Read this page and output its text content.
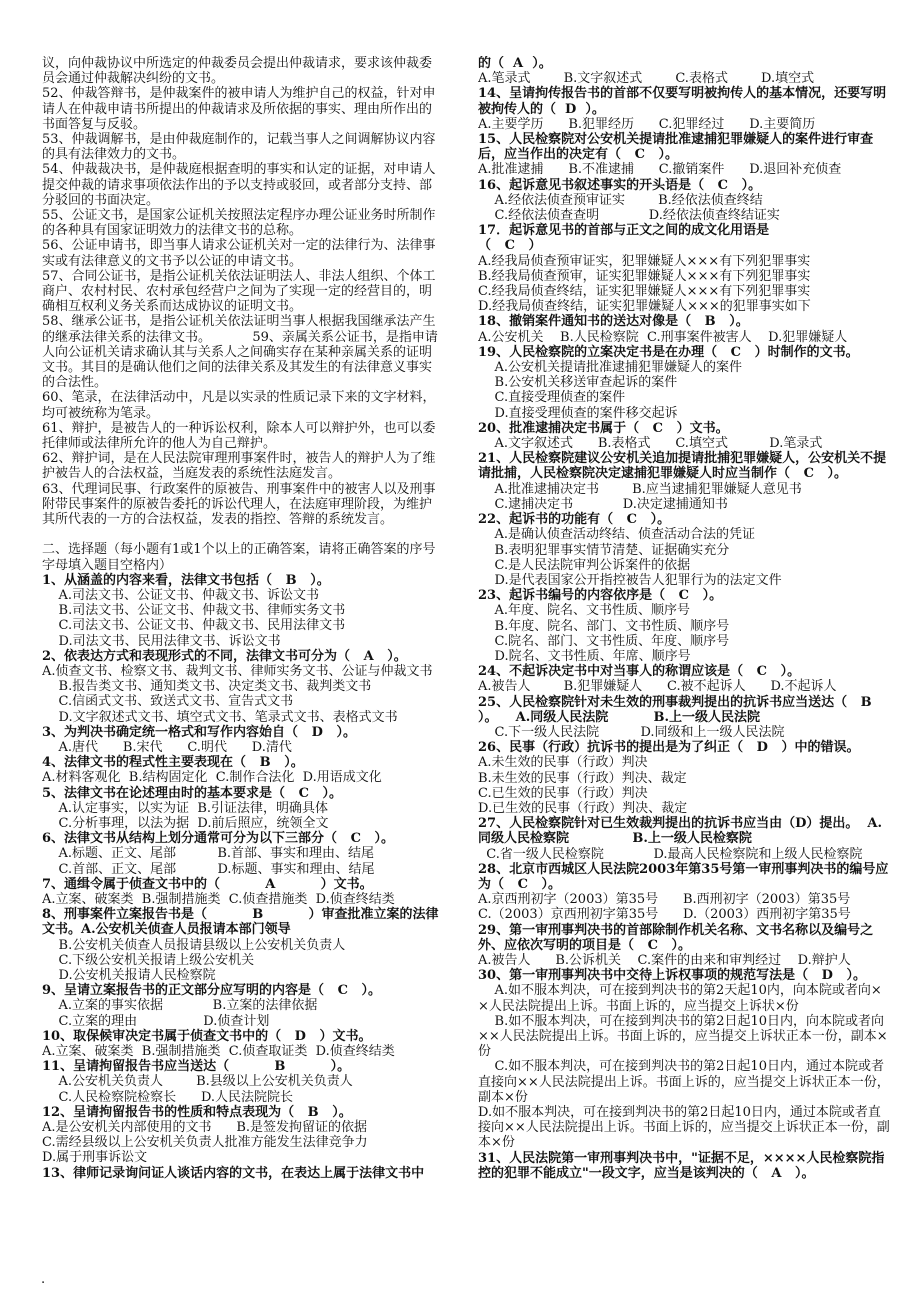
议，向仲裁协议中所选定的仲裁委员会提出仲裁请求，要求该仲裁委员会通过仲裁解决纠纷的文书。
52、仲裁答辩书，是仲裁案件的被申请人为维护自己的权益，针对申请人在仲裁申请书所提出的仲裁请求及所依据的事实、理由所作出的书面答复与反驳。
53、仲裁调解书，是由仲裁庭制作的，记载当事人之间调解协议内容的具有法律效力的文书。
54、仲裁裁决书，是仲裁庭根据查明的事实和认定的证据，对申请人提交仲裁的请求事项依法作出的予以支持或驳回，或者部分支持、部分驳回的书面决定。
55、公证文书，是国家公证机关按照法定程序办理公证业务时所制作的各种具有国家证明效力的法律文书的总称。
56、公证申请书，即当事人请求公证机关对一定的法律行为、法律事实或有法律意义的文书予以公证的申请文书。
57、合同公证书，是指公证机关依法证明法人、非法人组织、个体工商户、农村村民、农村承包经营户之间为了实现一定的经营目的，明确相互权利义务关系而达成协议的证明文书。
58、继承公证书，是指公证机关依法证明当事人根据我国继承法产生的继承法律关系的法律文书。          59、亲属关系公证书，是指申请人向公证机关请求确认其与关系人之间确实存在某种亲属关系的证明文书。其目的是确认他们之间的法律关系及其发生的有法律意义事实的合法性。
60、笔录，在法律活动中，凡是以实录的性质记录下来的文字材料，均可被统称为笔录。
61、辩护，是被告人的一种诉讼权利，除本人可以辩护外，也可以委托律师或法律所允许的他人为自己辩护。
62、辩护词，是在人民法院审理刑事案件时，被告人的辩护人为了维护被告人的合法权益，当庭发表的系统性法庭发言。
63、代理词民事、行政案件的原被告、刑事案件中的被害人以及刑事附带民事案件的原被告委托的诉讼代理人，在法庭审理阶段，为维护其所代表的一方的合法权益，发表的指控、答辩的系统发言。
二、选择题（每小题有1或1个以上的正确答案，请将正确答案的序号字母填入题目空格内）
1、从涵盖的内容来看，法律文书包括（   B   ）。
A.司法文书、公证文书、仲裁文书、诉讼文书
B.司法文书、公证文书、仲裁文书、律师实务文书
C.司法文书、公证文书、仲裁文书、民用法律文书
D.司法文书、民用法律文书、诉讼文书
2、依表达方式和表现形式的不同，法律文书可分为（   A   ）。
A.侦查文书、检察文书、裁判文书、律师实务文书、公证与仲裁文书
B.报告类文书、通知类文书、决定类文书、裁判类文书
C.信函式文书、致送式文书、宣告式文书
D.文字叙述式文书、填空式文书、笔录式文书、表格式文书
3、为判决书确定统一格式和写作内容始自（   D   ）。
A.唐代      B.宋代      C.明代      D.清代
4、法律文书的程式性主要表现在（   B   ）。
A.材料客观化  B.结构固定化  C.制作合法化  D.用语成文化
5、法律文书在论述理由时的基本要求是（   C   ）。
A.认定事实，以实为证  B.引证法律，明确具体
C.分析事理，以法为据  D.前后照应，统领全文
6、法律文书从结构上划分通常可分为以下三部分（   C   ）。
A.标题、正文、尾部          B.首部、事实和理由、结尾
C.首部、正文、尾部          D.标题、事实和理由、结尾
7、通缉令属于侦查文书中的（          A          ）文书。
A.立案、破案类  B.强制措施类  C.侦查措施类  D.侦查终结类
8、刑事案件立案报告书是（          B          ）审查批准立案的法律文书。A.公安机关侦查人员报请本部门领导
B.公安机关侦查人员报请县级以上公安机关负责人
C.下级公安机关报请上级公安机关
D.公安机关报请人民检察院
9、呈请立案报告书的正文部分应写明的内容是（   C   ）。
A.立案的事实依据            B.立案的法律依据
C.立案的理由                D.侦查计划
10、取保候审决定书属于侦查文书中的（   D   ）文书。
A.立案、破案类  B.强制措施类  C.侦查取证类  D.侦查终结类
11、呈请拘留报告书应当送达（          B          ）。
A.公安机关负责人        B.县级以上公安机关负责人
C.人民检察院检察长      D.人民法院院长
12、呈请拘留报告书的性质和特点表现为（   B   ）。
A.是公安机关内部使用的文书      B.是签发拘留证的依据
C.需经县级以上公安机关负责人批准方能发生法律竞争力
D.属于刑事诉讼文
13、律师记录询问证人谈话内容的文书，在表达上属于法律文书中
的（  A  ）。
A.笔录式        B.文字叙述式        C.表格式        D.填空式
14、呈请拘传报告书的首部不仅要写明被拘传人的基本情况，还要写明被拘传人的（  D  ）。
A.主要学历      B.犯罪经历      C.犯罪经过      D.主要简历
15、人民检察院对公安机关提请批准逮捕犯罪嫌疑人的案件进行审查后，应当作出的决定有（   C   ）。
A.批准逮捕      B.不准逮捕      C.撤销案件      D.退回补充侦查
16、起诉意见书叙述事实的开头语是（   C   ）。
A.经依法侦查预审证实        B.经依法侦查终结
C.经依法侦查查明            D.经依法侦查终结证实
17．起诉意见书的首部与正文之间的成文化用语是
（   C   ）
A.经我局侦查预审证实，犯罪嫌疑人×××有下列犯罪事实
B.经我局侦查预审，证实犯罪嫌疑人×××有下列犯罪事实
C.经我局侦查终结，证实犯罪嫌疑人×××有下列犯罪事实
D.经我局侦查终结，证实犯罪嫌疑人×××的犯罪事实如下
18、撤销案件通知书的送达对像是（   B   ）。
A.公安机关    B.人民检察院  C.刑事案件被害人    D.犯罪嫌疑人
19、人民检察院的立案决定书是在办理（   C   ）时制作的文书。
A.公安机关提请批准逮捕犯罪嫌疑人的案件
B.公安机关移送审查起诉的案件
C.直接受理侦查的案件
D.直接受理侦查的案件移交起诉
20、批准逮捕决定书属于（   C   ）文书。
A.文字叙述式      B.表格式      C.填空式          D.笔录式
21、人民检察院建议公安机关追加提请批捕犯罪嫌疑人，公安机关不提请批捕，人民检察院决定逮捕犯罪嫌疑人时应当制作（   C   ）。
A.批准逮捕决定书        B.应当逮捕犯罪嫌疑人意见书
C.逮捕决定书            D.决定逮捕通知书
22、起诉书的功能有（   C   ）。
A.是确认侦查活动终结、侦查活动合法的凭证
B.表明犯罪事实情节清楚、证据确实充分
C.是人民法院审判公诉案件的依据
D.是代表国家公开指控被告人犯罪行为的法定文件
23、起诉书编号的内容依序是（   C   ）。
A.年度、院名、文书性质、顺序号
B.年度、院名、部门、文书性质、顺序号
C.院名、部门、文书性质、年度、顺序号
D.院名、文书性质、年席、顺序号
24、不起诉决定书中对当事人的称谓应该是（   C   ）。
A.被告人        B.犯罪嫌疑人      C.被不起诉人      D.不起诉人
25、人民检察院针对未生效的刑事裁判提出的抗诉书应当送达（   B   ）。    A.同级人民法院          B.上一级人民法院
C.下一级人民法院          D.同级和上一级人民法院
26、民事（行政）抗诉书的提出是为了纠正（   D   ）中的错误。
A.未生效的民事（行政）判决
B.未生效的民事（行政）判决、裁定
C.已生效的民事（行政）判决
D.已生效的民事（行政）判决、裁定
27、人民检察院针对已生效裁判提出的抗诉书应当由（D）提出。  A.同级人民检察院              B.上一级人民检察院
C.省一级人民检察院            D.最高人民检察院和上级人民检察院
28、北京市西城区人民法院2003年第35号第一审刑事判决书的编号应为（   C   ）。
A.京西刑初字（2003）第35号      B.西刑初字（2003）第35号
C.（2003）京西刑初字第35号      D.（2003）西刑初字第35号
29、第一审刑事判决书的首部除制作机关名称、文书名称以及编号之外、应依次写明的项目是（   C   ）。
A.被告人      B.公诉机关    C.案件的由来和审判经过    D.辩护人
30、第一审刑事判决书中交待上诉权事项的规范写法是（   D   ）。
A.如不服本判决，可在接到判决书的第2天起10内，向本院或者向××人民法院提出上诉。书面上诉的，应当提交上诉状×份
B.如不服本判决，可在接到判决书的第2日起10日内，向本院或者向××人民法院提出上诉。书面上诉的，应当提交上诉状正本一份，副本×份
C.如不服本判决，可在接到判决书的第2日起10日内，通过本院或者直接向××人民法院提出上诉。书面上诉的，应当提交上诉状正本一份，副本×份
D.如不服本判决，可在接到判决书的第2日起10日内，通过本院或者直接向××人民法院提出上诉。书面上诉的，应当提交上诉状正本一份，副本×份
31、人民法院第一审刑事判决书中，"证据不足，××××人民检察院指控的犯罪不能成立"一段文字，应当是该判决的（   A   ）。
.
